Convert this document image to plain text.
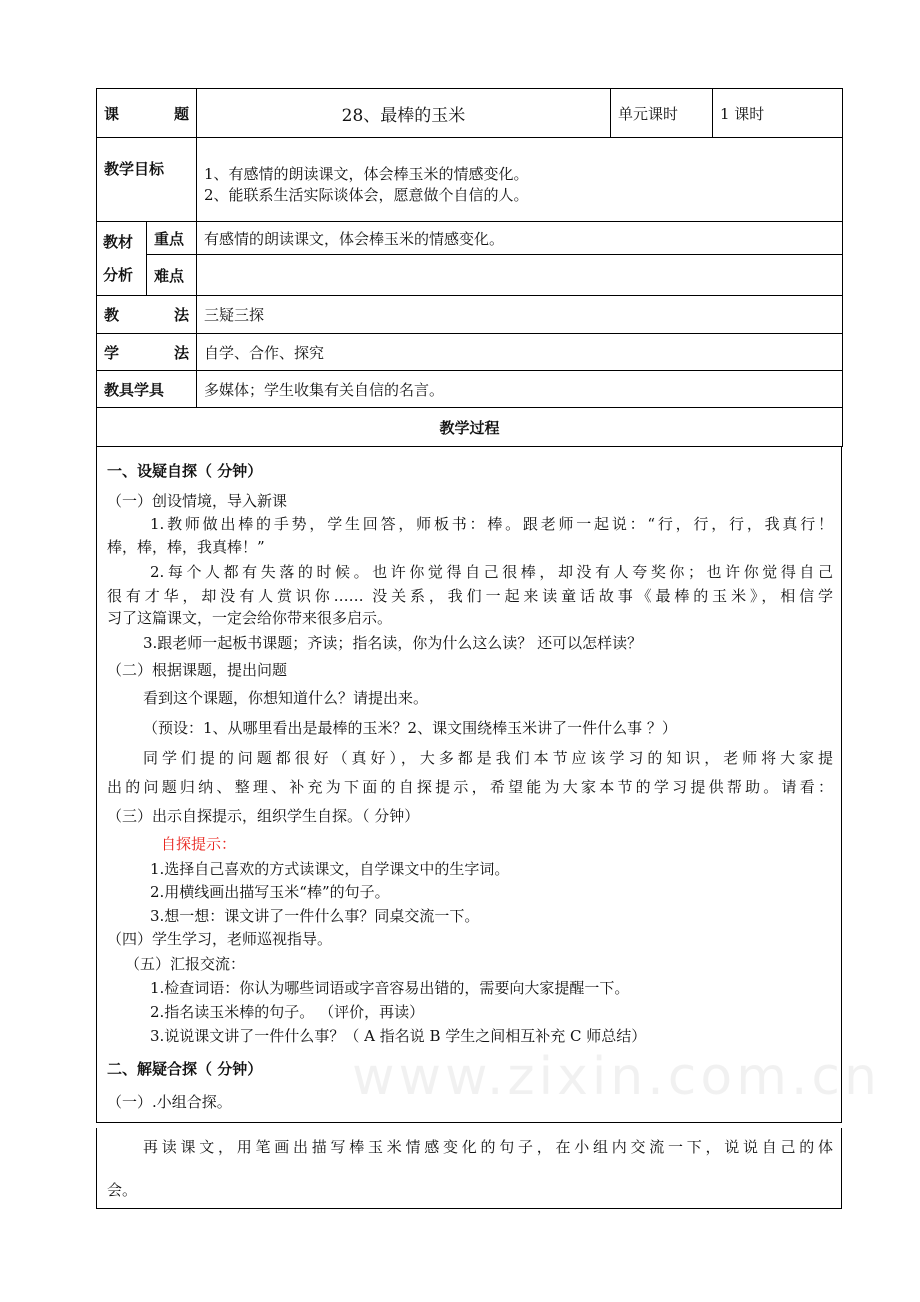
课 题		28、最棒的玉米	单元课时	1 课时
教学目标		1、有感情的朗读课文，体会棒玉米的情感变化。
2、能联系生活实际谈体会，愿意做个自信的人。		

教材
分析	重点	有感情的朗读课文，体会棒玉米的情感变化。		
	难点			

教 法		三疑三探		

学 法		自学、合作、探究		
教具学具		多媒体；学生收集有关自信的名言。		
教学过程				
www.zixin.com.cn
一、设疑自探（ 分钟）
（一）创设情境，导入新课
1.教师做出棒的手势，学生回答，师板书：棒。跟老师一起说：“行，行，行，我真行！
棒，棒，棒，我真棒！”
2.每个人都有失落的时候。也许你觉得自己很棒，却没有人夸奖你；也许你觉得自己
很有才华，却没有人赏识你…… 没关系，我们一起来读童话故事《最棒的玉米》，相信学
习了这篇课文，一定会给你带来很多启示。
3.跟老师一起板书课题；齐读；指名读，你为什么这么读？ 还可以怎样读？
（二）根据课题，提出问题
看到这个课题，你想知道什么？请提出来。
（预设：1、从哪里看出是最棒的玉米？2、课文围绕棒玉米讲了一件什么事 ？）
同学们提的问题都很好（真好），大多都是我们本节应该学习的知识，老师将大家提
出的问题归纳、整理、补充为下面的自探提示，希望能为大家本节的学习提供帮助。请看：
（三）出示自探提示，组织学生自探。（ 分钟）
自探提示：
1.选择自己喜欢的方式读课文，自学课文中的生字词。
2.用横线画出描写玉米“棒”的句子。
3.想一想：课文讲了一件什么事？同桌交流一下。
（四）学生学习，老师巡视指导。
（五）汇报交流：
1.检查词语：你认为哪些词语或字音容易出错的，需要向大家提醒一下。
2.指名读玉米棒的句子。 （评价，再读）
3.说说课文讲了一件什么事？（ A 指名说 B 学生之间相互补充 C 师总结）
二、解疑合探（ 分钟）
（一）.小组合探。
再读课文，用笔画出描写棒玉米情感变化的句子，在小组内交流一下，说说自己的体
会。
